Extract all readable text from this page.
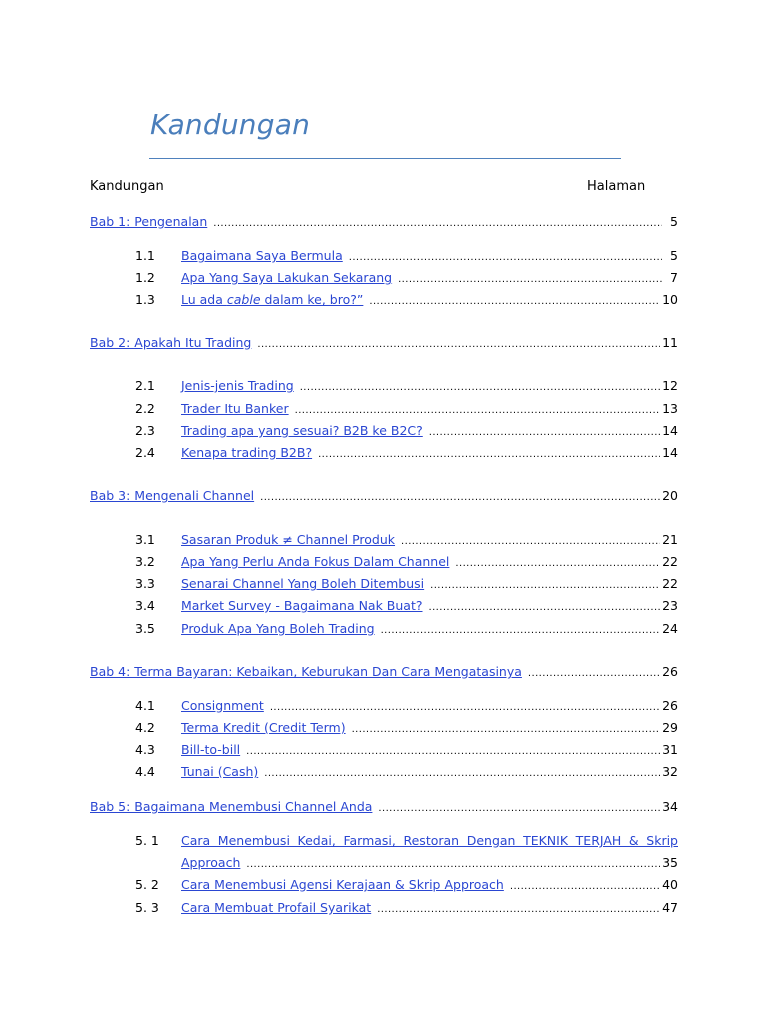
Kandungan
Kandungan	Halaman
Bab 1: Pengenalan .....	5
1.1	Bagaimana Saya Bermula .....	5
1.2	Apa Yang Saya Lakukan Sekarang .....	7
1.3	Lu ada cable dalam ke, bro?” .....	10
Bab 2: Apakah Itu Trading .....	11
2.1	Jenis-jenis Trading .....	12
2.2	Trader Itu Banker .....	13
2.3	Trading apa yang sesuai? B2B ke B2C? .....	14
2.4	Kenapa trading B2B? .....	14
Bab 3: Mengenali Channel .....	20
3.1	Sasaran Produk ≠ Channel Produk .....	21
3.2	Apa Yang Perlu Anda Fokus Dalam Channel .....	22
3.3	Senarai Channel Yang Boleh Ditembusi .....	22
3.4	Market Survey - Bagaimana Nak Buat? .....	23
3.5	Produk Apa Yang Boleh Trading .....	24
Bab 4: Terma Bayaran: Kebaikan, Keburukan Dan Cara Mengatasinya .....	26
4.1	Consignment .....	26
4.2	Terma Kredit (Credit Term) .....	29
4.3	Bill-to-bill .....	31
4.4	Tunai (Cash) .....	32
Bab 5: Bagaimana Menembusi Channel Anda .....	34
5. 1	Cara Menembusi Kedai, Farmasi, Restoran Dengan TEKNIK TERJAH & Skrip
Approach .....	35
5. 2	Cara Menembusi Agensi Kerajaan & Skrip Approach .....	40
5. 3	Cara Membuat Profail Syarikat .....	47
